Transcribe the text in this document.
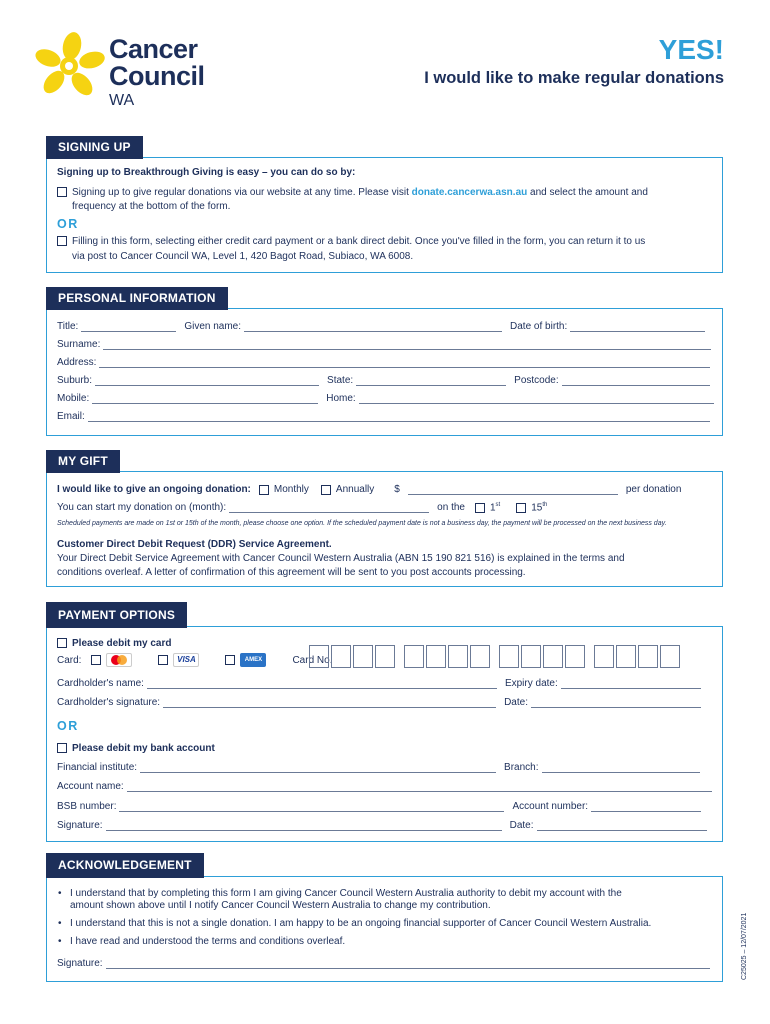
Cancer
Council
WA
YES!
I would like to make regular donations
SIGNING UP
Signing up to Breakthrough Giving is easy – you can do so by:
Signing up to give regular donations via our website at any time. Please visit donate.cancerwa.asn.au and select the amount and
frequency at the bottom of the form.
OR
Filling in this form, selecting either credit card payment or a bank direct debit. Once you've filled in the form, you can return it to us
via post to Cancer Council WA, Level 1, 420 Bagot Road, Subiaco, WA 6008.
PERSONAL INFORMATION
Title:	Given name:	Date of birth:
Surname:
Address:
Suburb:	State:	Postcode:
Mobile:	Home:
Email:
MY GIFT
I would like to give an ongoing donation: Monthly	Annually $	per donation
You can start my donation on (month):	on the	1st	15th
Scheduled payments are made on 1st or 15th of the month, please choose one option. If the scheduled payment date is not a business day, the payment will be processed on the next business day.
Customer Direct Debit Request (DDR) Service Agreement.
Your Direct Debit Service Agreement with Cancer Council Western Australia (ABN 15 190 821 516) is explained in the terms and
conditions overleaf. A letter of confirmation of this agreement will be sent to you post accounts processing.
PAYMENT OPTIONS
Please debit my card
Card:	VISA	AMEX	Card No.
Cardholder's name:	Expiry date:
Cardholder's signature:	Date:
OR
Please debit my bank account
Financial institute:	Branch:
Account name:
BSB number:	Account number:
Signature:	Date:
ACKNOWLEDGEMENT
• I understand that by completing this form I am giving Cancer Council Western Australia authority to debit my account with the
amount shown above until I notify Cancer Council Western Australia to change my contribution.
• I understand that this is not a single donation. I am happy to be an ongoing financial supporter of Cancer Council Western Australia.
• I have read and understood the terms and conditions overleaf.
Signature:	C25025 – 12/07/2021
